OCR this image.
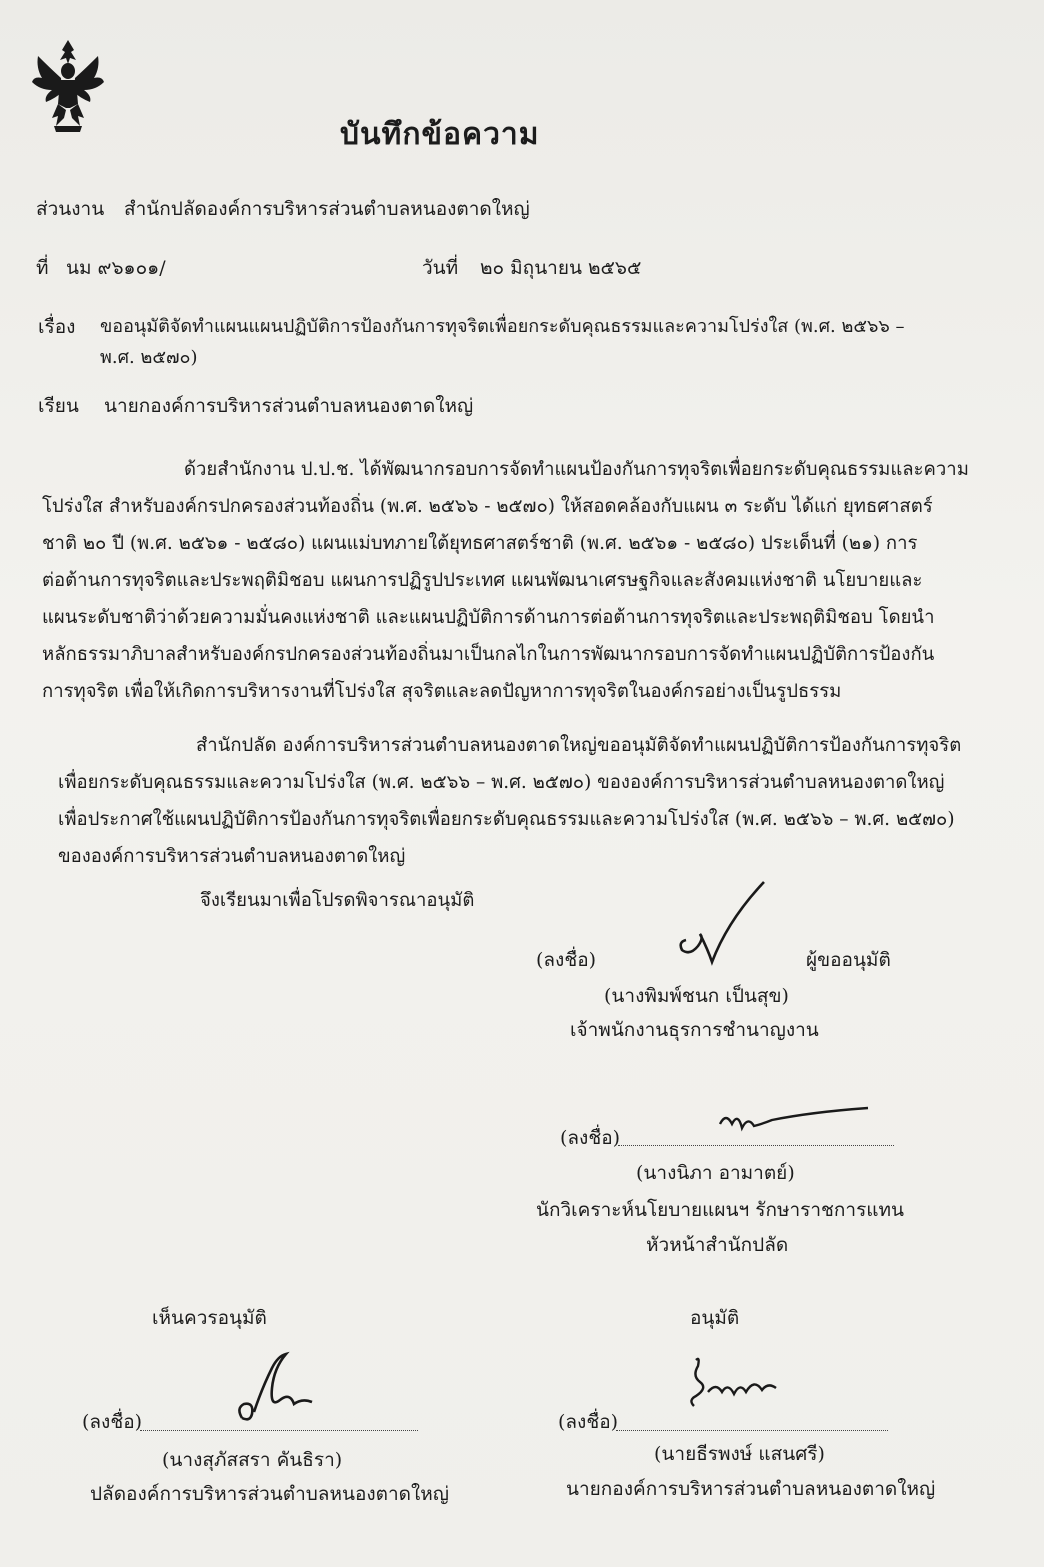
บันทึกข้อความ
ส่วนงาน สำนักปลัดองค์การบริหารส่วนตำบลหนองตาดใหญ่
ที่ นม ๙๖๑๐๑/	วันที่ ๒๐ มิถุนายน ๒๕๖๕
เรื่อง ขออนุมัติจัดทำแผนแผนปฏิบัติการป้องกันการทุจริตเพื่อยกระดับคุณธรรมและความโปร่งใส (พ.ศ. ๒๕๖๖ –
พ.ศ. ๒๕๗๐)
เรียน นายกองค์การบริหารส่วนตำบลหนองตาดใหญ่
ด้วยสำนักงาน ป.ป.ช. ได้พัฒนากรอบการจัดทำแผนป้องกันการทุจริตเพื่อยกระดับคุณธรรมและความ
โปร่งใส สำหรับองค์กรปกครองส่วนท้องถิ่น (พ.ศ. ๒๕๖๖ - ๒๕๗๐) ให้สอดคล้องกับแผน ๓ ระดับ ได้แก่ ยุทธศาสตร์
ชาติ ๒๐ ปี (พ.ศ. ๒๕๖๑ - ๒๕๘๐) แผนแม่บทภายใต้ยุทธศาสตร์ชาติ (พ.ศ. ๒๕๖๑ - ๒๕๘๐) ประเด็นที่ (๒๑) การ
ต่อต้านการทุจริตและประพฤติมิชอบ แผนการปฏิรูปประเทศ แผนพัฒนาเศรษฐกิจและสังคมแห่งชาติ นโยบายและ
แผนระดับชาติว่าด้วยความมั่นคงแห่งชาติ และแผนปฏิบัติการด้านการต่อต้านการทุจริตและประพฤติมิชอบ โดยนำ
หลักธรรมาภิบาลสำหรับองค์กรปกครองส่วนท้องถิ่นมาเป็นกลไกในการพัฒนากรอบการจัดทำแผนปฏิบัติการป้องกัน
การทุจริต เพื่อให้เกิดการบริหารงานที่โปร่งใส สุจริตและลดปัญหาการทุจริตในองค์กรอย่างเป็นรูปธรรม
สำนักปลัด องค์การบริหารส่วนตำบลหนองตาดใหญ่ขออนุมัติจัดทำแผนปฏิบัติการป้องกันการทุจริต
เพื่อยกระดับคุณธรรมและความโปร่งใส (พ.ศ. ๒๕๖๖ – พ.ศ. ๒๕๗๐) ขององค์การบริหารส่วนตำบลหนองตาดใหญ่
เพื่อประกาศใช้แผนปฏิบัติการป้องกันการทุจริตเพื่อยกระดับคุณธรรมและความโปร่งใส (พ.ศ. ๒๕๖๖ – พ.ศ. ๒๕๗๐)
ขององค์การบริหารส่วนตำบลหนองตาดใหญ่
จึงเรียนมาเพื่อโปรดพิจารณาอนุมัติ
(ลงชื่อ)	ผู้ขออนุมัติ
(นางพิมพ์ชนก เป็นสุข)
เจ้าพนักงานธุรการชำนาญงาน
(ลงชื่อ)
(นางนิภา อามาตย์)
นักวิเคราะห์นโยบายแผนฯ รักษาราชการแทน
หัวหน้าสำนักปลัด
เห็นควรอนุมัติ
(ลงชื่อ)
(นางสุภัสสรา คันธิรา)
ปลัดองค์การบริหารส่วนตำบลหนองตาดใหญ่
อนุมัติ
(ลงชื่อ)
(นายธีรพงษ์ แสนศรี)
นายกองค์การบริหารส่วนตำบลหนองตาดใหญ่
